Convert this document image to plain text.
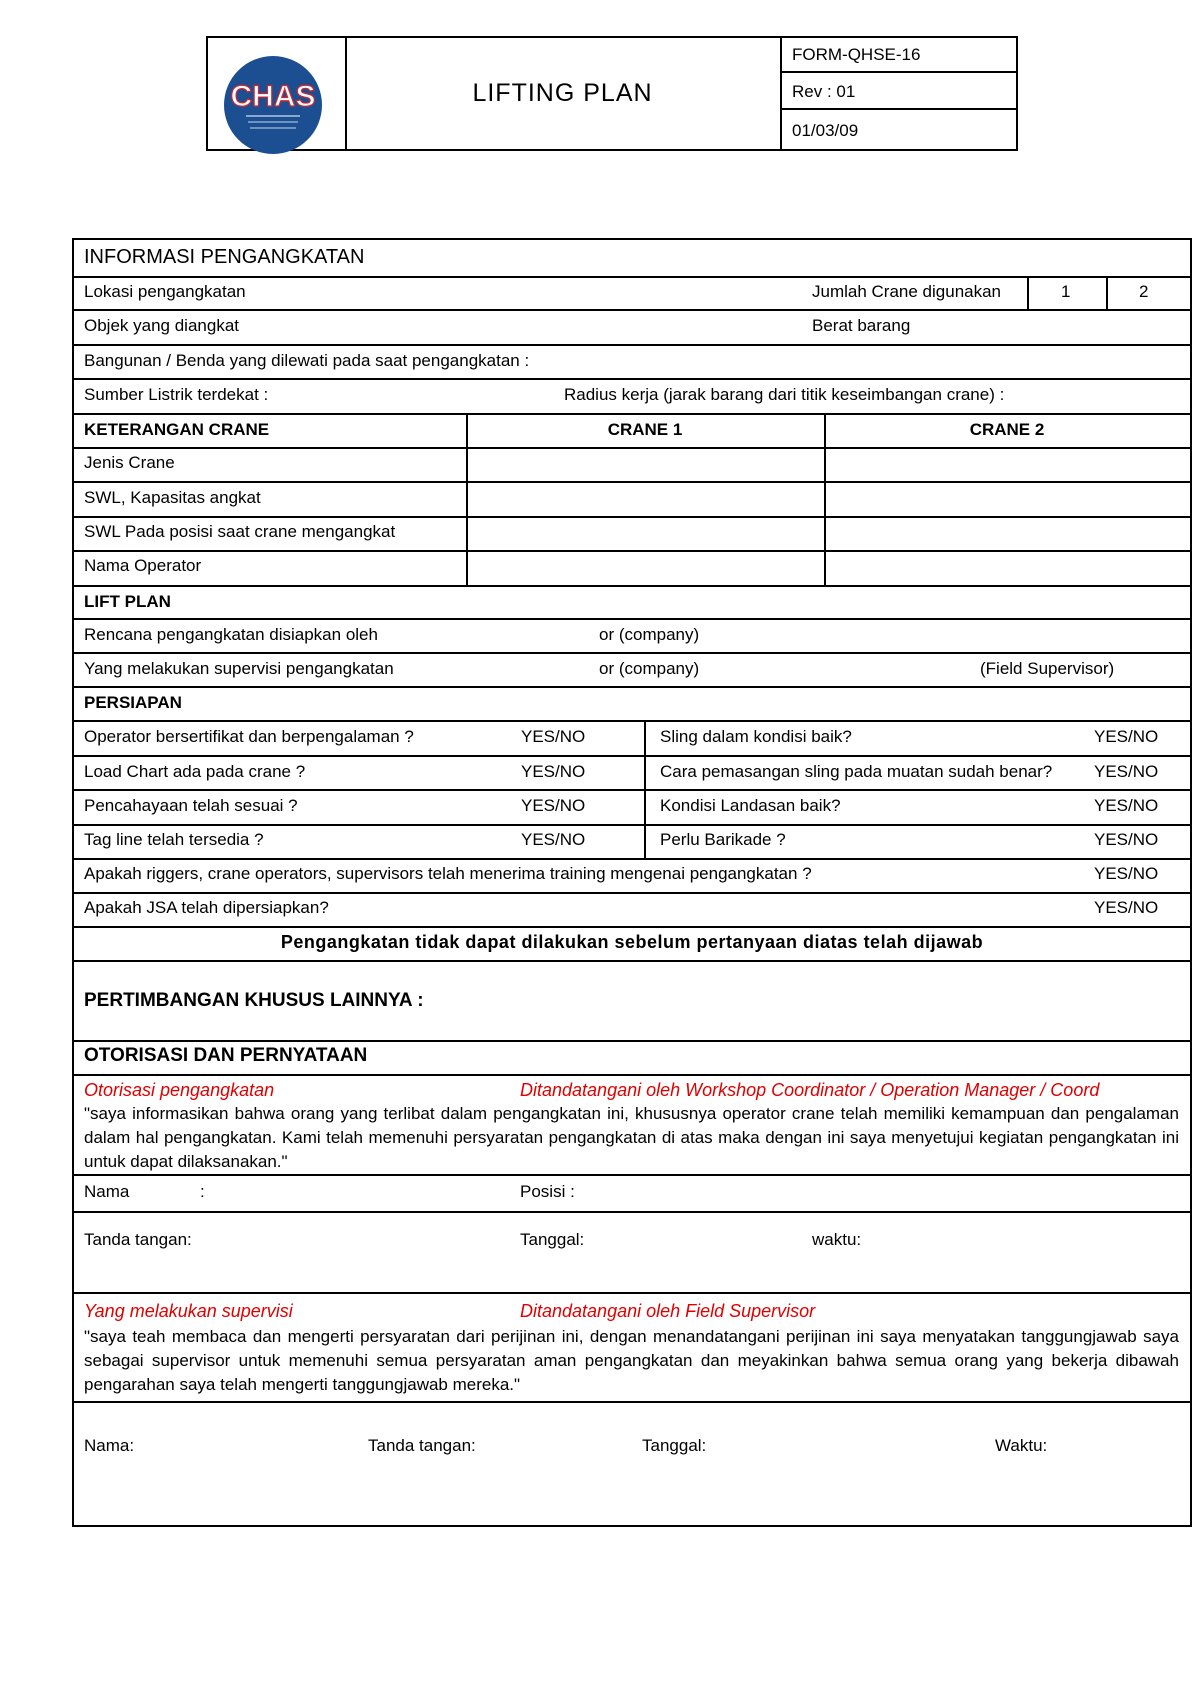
CHAS	LIFTING PLAN
FORM-QHSE-16
Rev : 01
01/03/09
INFORMASI PENGANGKATAN
Lokasi pengangkatan	Jumlah Crane digunakan	1	2
Objek yang diangkat	Berat barang
Bangunan / Benda yang dilewati pada saat pengangkatan :
Sumber Listrik terdekat :	Radius kerja (jarak barang dari titik keseimbangan crane) :
KETERANGAN CRANE	CRANE 1	CRANE 2
Jenis Crane
SWL, Kapasitas angkat
SWL Pada posisi saat crane mengangkat
Nama Operator
LIFT PLAN
Rencana pengangkatan disiapkan oleh	or (company)
Yang melakukan supervisi pengangkatan	or (company)	(Field Supervisor)
PERSIAPAN
Operator bersertifikat dan berpengalaman ?	YES/NO	Sling dalam kondisi baik?	YES/NO
Load Chart ada pada crane ?	YES/NO	Cara pemasangan sling pada muatan sudah benar? YES/NO
Pencahayaan telah sesuai ?	YES/NO	Kondisi Landasan baik?	YES/NO
Tag line telah tersedia ?	YES/NO	Perlu Barikade ?	YES/NO
Apakah riggers, crane operators, supervisors telah menerima training mengenai pengangkatan ?	YES/NO
Apakah JSA telah dipersiapkan?	YES/NO
Pengangkatan tidak dapat dilakukan sebelum pertanyaan diatas telah dijawab
PERTIMBANGAN KHUSUS LAINNYA :
OTORISASI DAN PERNYATAAN
Otorisasi pengangkatan	Ditandatangani oleh Workshop Coordinator / Operation Manager / Coord
"saya informasikan bahwa orang yang terlibat dalam pengangkatan ini, khususnya operator crane telah memiliki kemampuan dan pengalaman dalam hal pengangkatan. Kami telah memenuhi persyaratan pengangkatan di atas maka dengan ini saya menyetujui kegiatan pengangkatan ini untuk dapat dilaksanakan."
Nama	:	Posisi :
Tanda tangan:	Tanggal:	waktu:
Yang melakukan supervisi	Ditandatangani oleh Field Supervisor
"saya teah membaca dan mengerti persyaratan dari perijinan ini, dengan menandatangani perijinan ini saya menyatakan tanggungjawab saya sebagai supervisor untuk memenuhi semua persyaratan aman pengangkatan dan meyakinkan bahwa semua orang yang bekerja dibawah pengarahan saya telah mengerti tanggungjawab mereka."
Nama:	Tanda tangan:	Tanggal:	Waktu:
